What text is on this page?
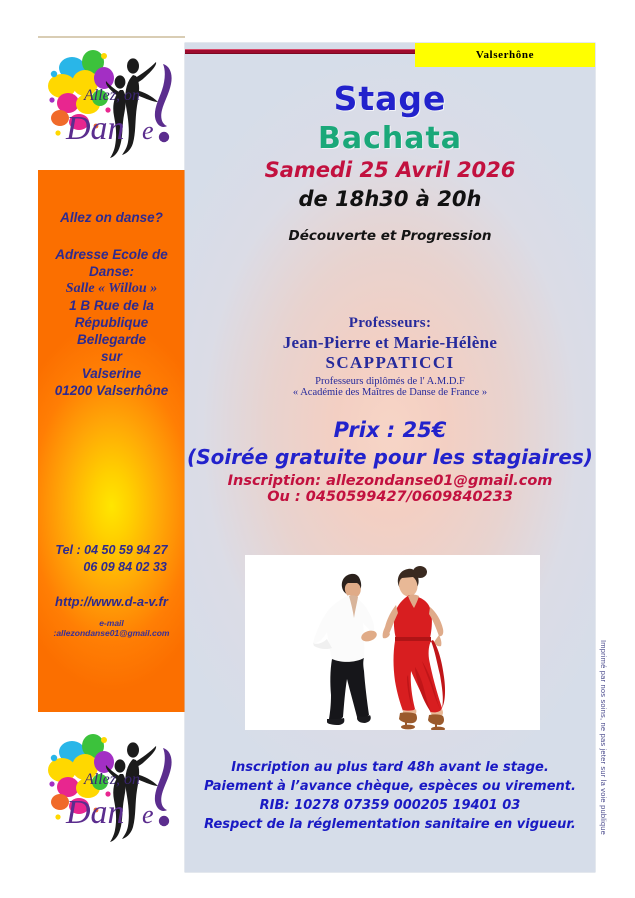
Allez, on
Dan e
Allez on danse?
Adresse Ecole de
Danse:
Salle « Willou »
1 B Rue de la
République
Bellegarde
sur
Valserine
01200 Valserhône
Tel : 04 50 59 94 27
06 09 84 02 33
http://www.d-a-v.fr
e-mail :allezondanse01@gmail.com
Allez, on
Dan e
Valserhône
Stage
Bachata
Samedi 25 Avril 2026
de 18h30 à 20h
Découverte et Progression
Professeurs:
Jean-Pierre et Marie-Hélène
SCAPPATICCI
Professeurs diplômés de l' A.M.D.F
« Académie des Maîtres de Danse de France »
Prix : 25€
(Soirée gratuite pour les stagiaires)
Inscription: allezondanse01@gmail.com
Ou : 0450599427/0609840233
Inscription au plus tard 48h avant le stage.
Paiement à l’avance chèque, espèces ou virement.
RIB: 10278 07359 000205 19401 03
Respect de la réglementation sanitaire en vigueur.	Imprimé par nos soins, ne pas jeter sur la voie publique
